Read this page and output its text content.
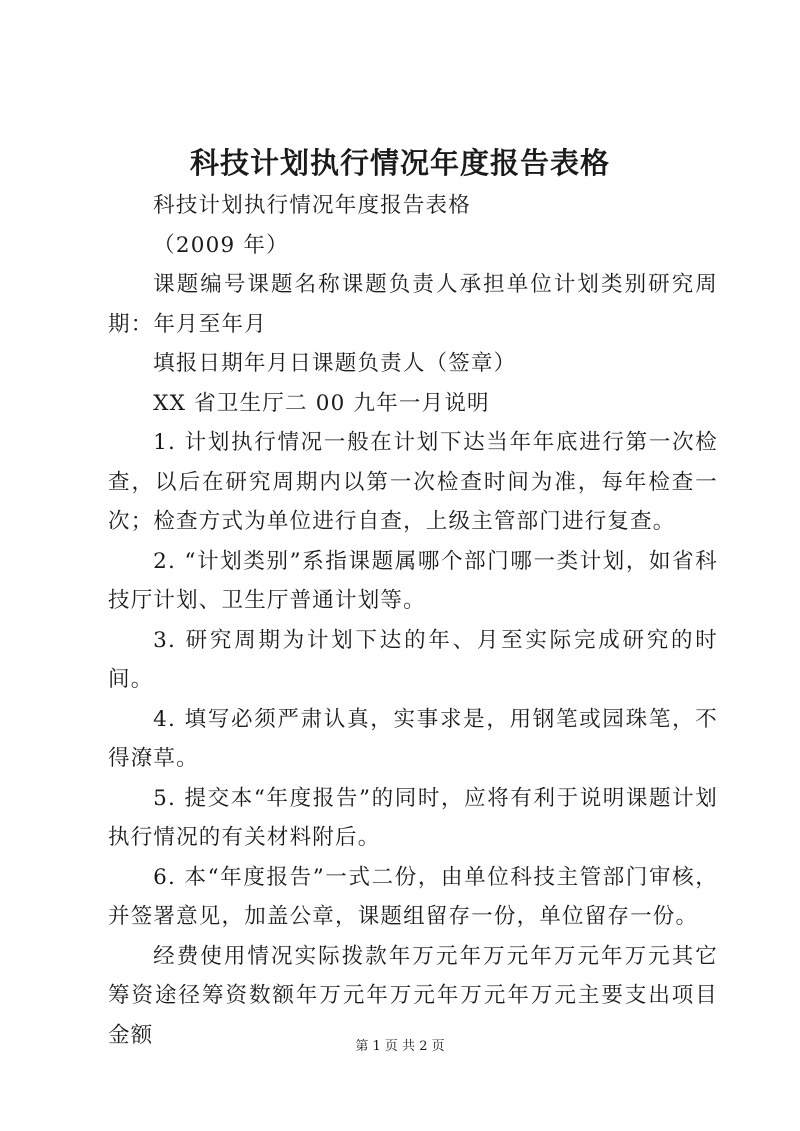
科技计划执行情况年度报告表格

科技计划执行情况年度报告表格

（2009 年）

课题编号课题名称课题负责人承担单位计划类别研究周期：年月至年月

填报日期年月日课题负责人（签章）

XX 省卫生厅二 00 九年一月说明

1. 计划执行情况一般在计划下达当年年底进行第一次检查，以后在研究周期内以第一次检查时间为准，每年检查一次；检查方式为单位进行自查，上级主管部门进行复查。

2. “计划类别”系指课题属哪个部门哪一类计划，如省科技厅计划、卫生厅普通计划等。

3. 研究周期为计划下达的年、月至实际完成研究的时间。

4. 填写必须严肃认真，实事求是，用钢笔或园珠笔，不得潦草。

5. 提交本“年度报告”的同时，应将有利于说明课题计划执行情况的有关材料附后。

6. 本“年度报告”一式二份，由单位科技主管部门审核，并签署意见，加盖公章，课题组留存一份，单位留存一份。

经费使用情况实际拨款年万元年万元年万元年万元其它筹资途径筹资数额年万元年万元年万元年万元主要支出项目金额	第 1 页 共 2 页
